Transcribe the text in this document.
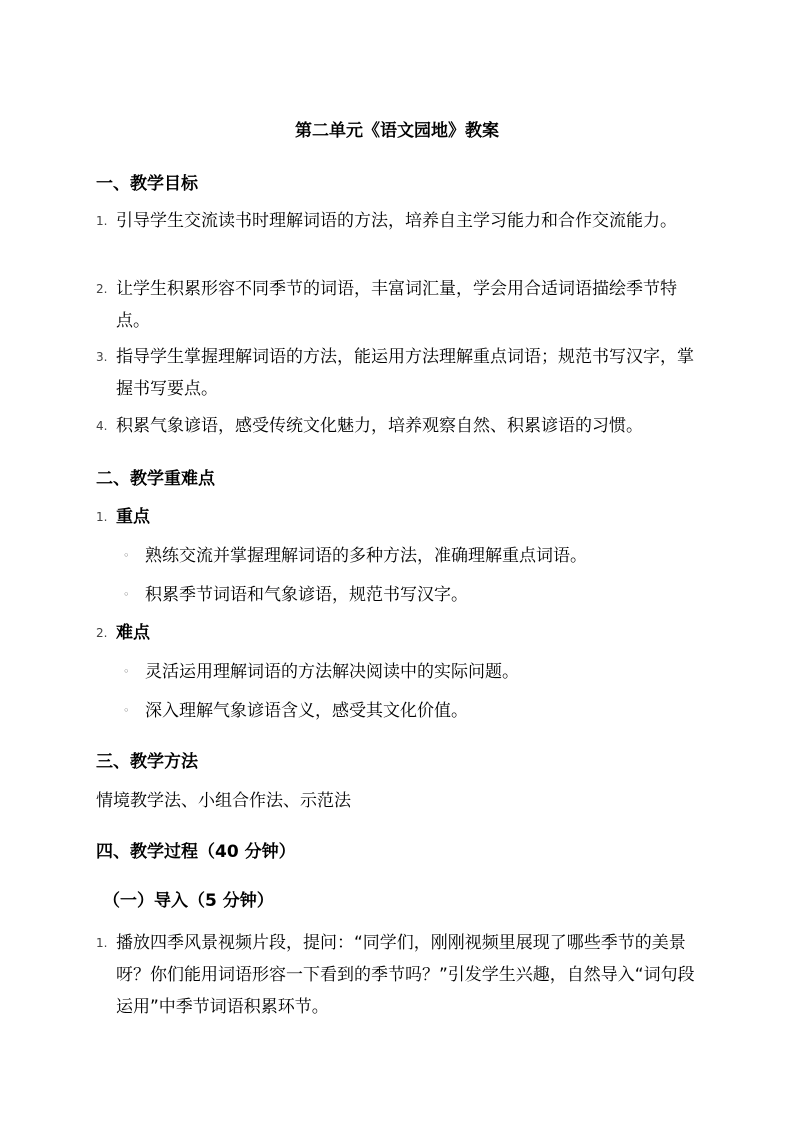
第二单元《语文园地》教案
一、教学目标
1. 引导学生交流读书时理解词语的方法，培养自主学习能力和合作交流能力。
2. 让学生积累形容不同季节的词语，丰富词汇量，学会用合适词语描绘季节特点。
3. 指导学生掌握理解词语的方法，能运用方法理解重点词语；规范书写汉字，掌握书写要点。
4. 积累气象谚语，感受传统文化魅力，培养观察自然、积累谚语的习惯。
二、教学重难点
1. 重点
◦ 熟练交流并掌握理解词语的多种方法，准确理解重点词语。
◦ 积累季节词语和气象谚语，规范书写汉字。
2. 难点
◦ 灵活运用理解词语的方法解决阅读中的实际问题。
◦ 深入理解气象谚语含义，感受其文化价值。
三、教学方法
情境教学法、小组合作法、示范法
四、教学过程（40 分钟）
（一）导入（5 分钟）
1. 播放四季风景视频片段，提问：“同学们，刚刚视频里展现了哪些季节的美景呀？你们能用词语形容一下看到的季节吗？”引发学生兴趣，自然导入“词句段运用”中季节词语积累环节。
